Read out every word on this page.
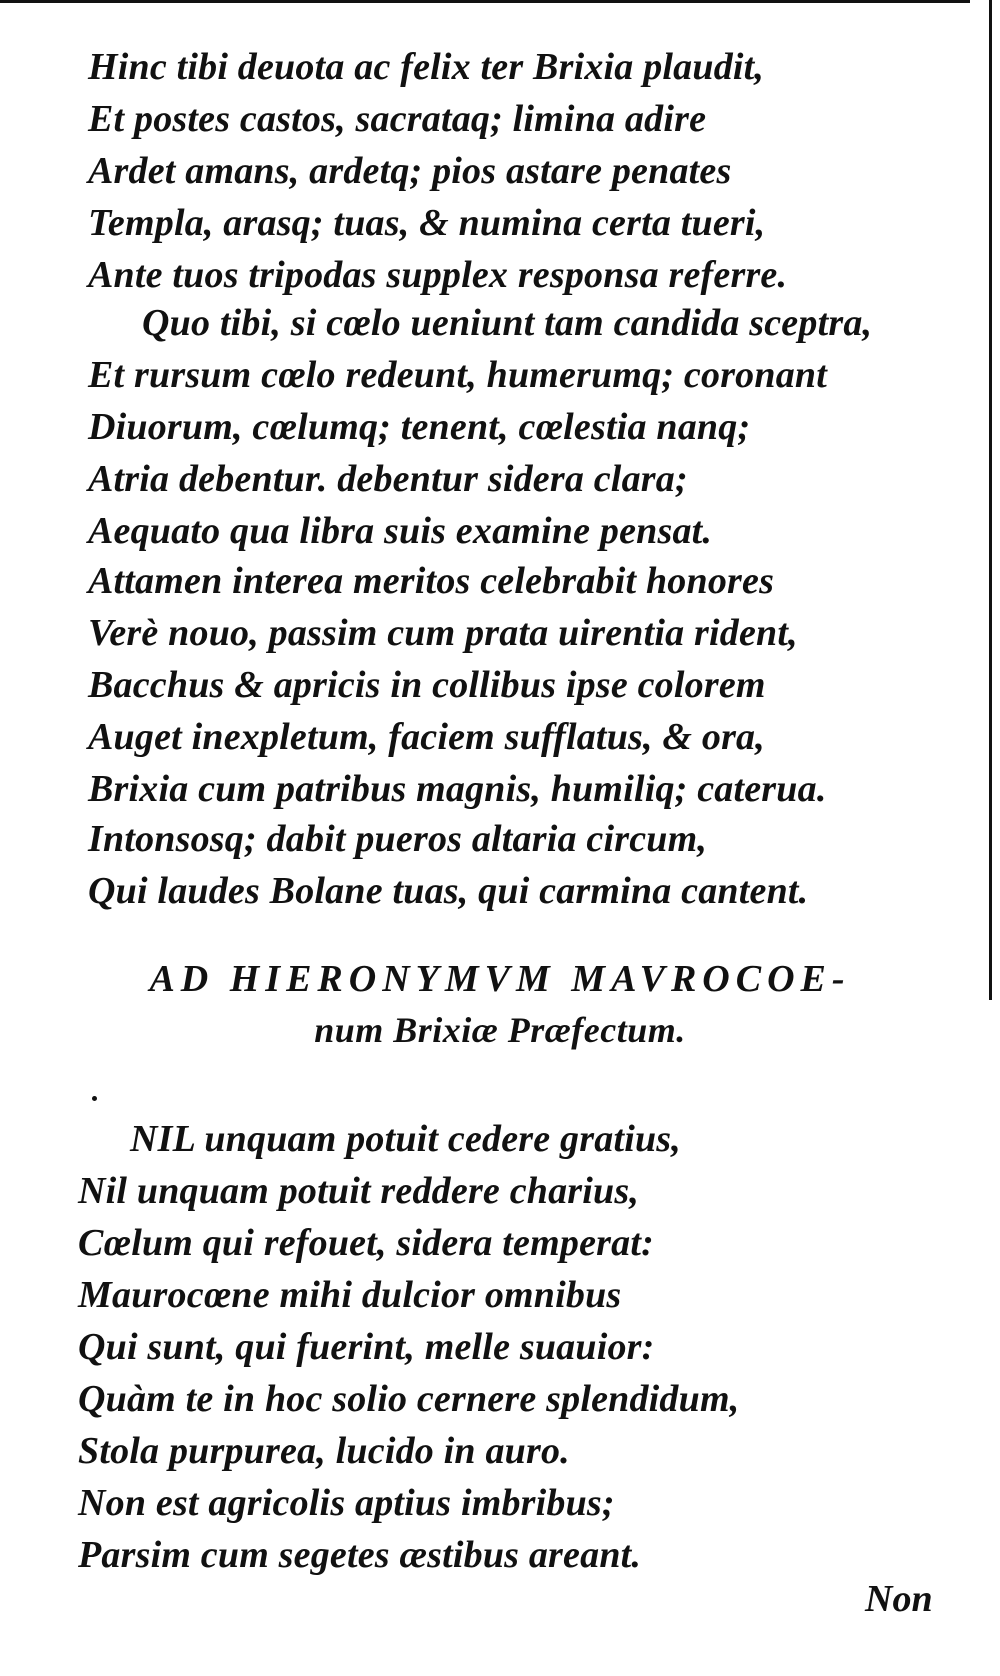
Hinc tibi deuota ac felix ter Brixia plaudit,
Et postes castos, sacrataq; limina adire
Ardet amans, ardetq; pios astare penates
Templa, arasq; tuas, & numina certa tueri,
Ante tuos tripodas supplex responsa referre.
Quo tibi, si cœlo ueniunt tam candida sceptra,
Et rursum cœlo redeunt, humerumq; coronant
Diuorum, cœlumq; tenent, cœlestia nanq;
Atria debentur. debentur sidera clara;
Aequato qua libra suis examine pensat.
Attamen interea meritos celebrabit honores
Verè nouo, passim cum prata uirentia rident,
Bacchus & apricis in collibus ipse colorem
Auget inexpletum, faciem sufflatus, & ora,
Brixia cum patribus magnis, humiliq; caterua.
Intonsosq; dabit pueros altaria circum,
Qui laudes Bolane tuas, qui carmina cantent.
AD HIERONYMVM MAVROCOE-
num Brixiæ Præfectum.
NIL unquam potuit cedere gratius,
Nil unquam potuit reddere charius,
Cœlum qui refouet, sidera temperat:
Maurocœne mihi dulcior omnibus
Qui sunt, qui fuerint, melle suauior:
Quàm te in hoc solio cernere splendidum,
Stola purpurea, lucido in auro.
Non est agricolis aptius imbribus;
Parsim cum segetes æstibus areant.
Non
